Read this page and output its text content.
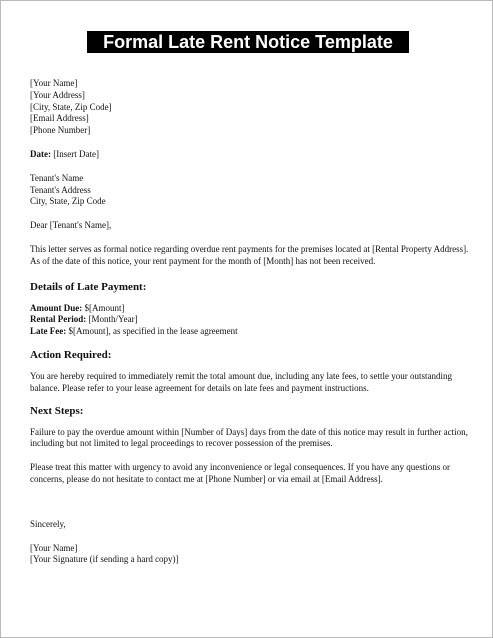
Formal Late Rent Notice Template
[Your Name]
[Your Address]
[City, State, Zip Code]
[Email Address]
[Phone Number]
Date: [Insert Date]
Tenant's Name
Tenant's Address
City, State, Zip Code
Dear [Tenant's Name],
This letter serves as formal notice regarding overdue rent payments for the premises located at [Rental Property Address].
As of the date of this notice, your rent payment for the month of [Month] has not been received.
Details of Late Payment:
Amount Due: $[Amount]
Rental Period: [Month/Year]
Late Fee: $[Amount], as specified in the lease agreement
Action Required:
You are hereby required to immediately remit the total amount due, including any late fees, to settle your outstanding
balance. Please refer to your lease agreement for details on late fees and payment instructions.
Next Steps:
Failure to pay the overdue amount within [Number of Days] days from the date of this notice may result in further action,
including but not limited to legal proceedings to recover possession of the premises.
Please treat this matter with urgency to avoid any inconvenience or legal consequences. If you have any questions or
concerns, please do not hesitate to contact me at [Phone Number] or via email at [Email Address].
Sincerely,
[Your Name]
[Your Signature (if sending a hard copy)]
